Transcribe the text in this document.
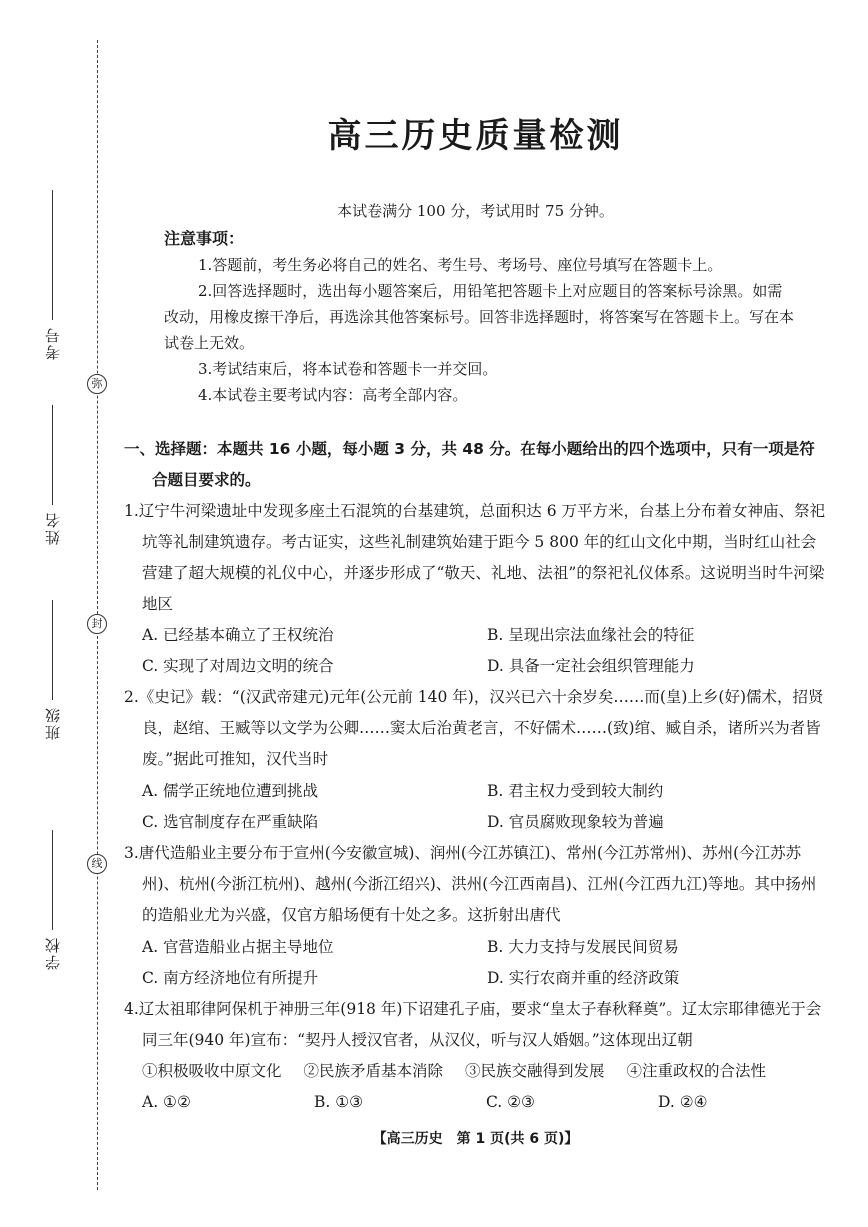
弥
封
线
考号
姓名
班级
学校
高三历史质量检测
本试卷满分 100 分，考试用时 75 分钟。
注意事项：
1.答题前，考生务必将自己的姓名、考生号、考场号、座位号填写在答题卡上。
2.回答选择题时，选出每小题答案后，用铅笔把答题卡上对应题目的答案标号涂黑。如需改动，用橡皮擦干净后，再选涂其他答案标号。回答非选择题时，将答案写在答题卡上。写在本试卷上无效。
3.考试结束后，将本试卷和答题卡一并交回。
4.本试卷主要考试内容：高考全部内容。
一、选择题：本题共 16 小题，每小题 3 分，共 48 分。在每小题给出的四个选项中，只有一项是符
合题目要求的。
1.辽宁牛河梁遗址中发现多座土石混筑的台基建筑，总面积达 6 万平方米，台基上分布着女神庙、祭祀坑等礼制建筑遗存。考古证实，这些礼制建筑始建于距今 5 800 年的红山文化中期，当时红山社会营建了超大规模的礼仪中心，并逐步形成了“敬天、礼地、法祖”的祭祀礼仪体系。这说明当时牛河梁地区
A. 已经基本确立了王权统治	B. 呈现出宗法血缘社会的特征
C. 实现了对周边文明的统合	D. 具备一定社会组织管理能力
2.《史记》载：“(汉武帝建元)元年(公元前 140 年)，汉兴已六十余岁矣……而(皇)上乡(好)儒术，招贤良，赵绾、王臧等以文学为公卿……窦太后治黄老言，不好儒术……(致)绾、臧自杀，诸所兴为者皆废。”据此可推知，汉代当时
A. 儒学正统地位遭到挑战	B. 君主权力受到较大制约
C. 选官制度存在严重缺陷	D. 官员腐败现象较为普遍
3.唐代造船业主要分布于宣州(今安徽宣城)、润州(今江苏镇江)、常州(今江苏常州)、苏州(今江苏苏州)、杭州(今浙江杭州)、越州(今浙江绍兴)、洪州(今江西南昌)、江州(今江西九江)等地。其中扬州的造船业尤为兴盛，仅官方船场便有十处之多。这折射出唐代
A. 官营造船业占据主导地位	B. 大力支持与发展民间贸易
C. 南方经济地位有所提升	D. 实行农商并重的经济政策
4.辽太祖耶律阿保机于神册三年(918 年)下诏建孔子庙，要求“皇太子春秋释奠”。辽太宗耶律德光于会同三年(940 年)宣布：“契丹人授汉官者，从汉仪，听与汉人婚姻。”这体现出辽朝
①积极吸收中原文化 ②民族矛盾基本消除 ③民族交融得到发展 ④注重政权的合法性
A. ①②	B. ①③	C. ②③	D. ②④
【高三历史　第 1 页(共 6 页)】
